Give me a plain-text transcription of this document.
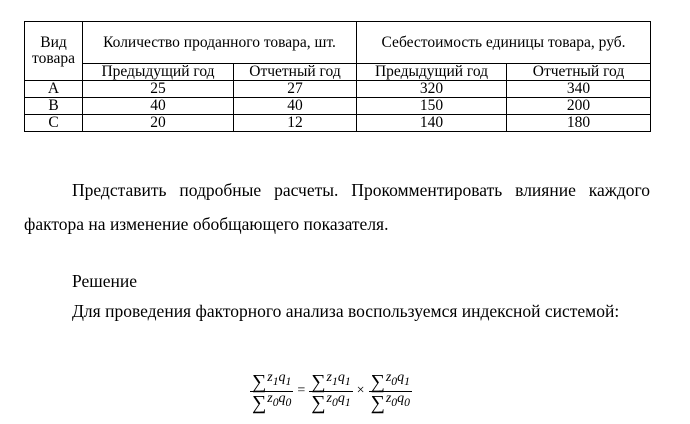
Вид
товара	Количество проданного товара, шт.		Себестоимость единицы товара, руб.	
	Предыдущий год	Отчетный год	Предыдущий год	Отчетный год
A	25	27	320	340
B	40	40	150	200
C	20	12	140	180

Представить подробные расчеты. Прокомментировать влияние каждого фактора на изменение обобщающего показателя.

Решение

Для проведения факторного анализа воспользуемся индексной системой:

$\frac{\sum z_1q_1}{\sum z_0q_0} = \frac{\sum z_1q_1}{\sum z_0q_1} \times \frac{\sum z_0q_1}{\sum z_0q_0}$
